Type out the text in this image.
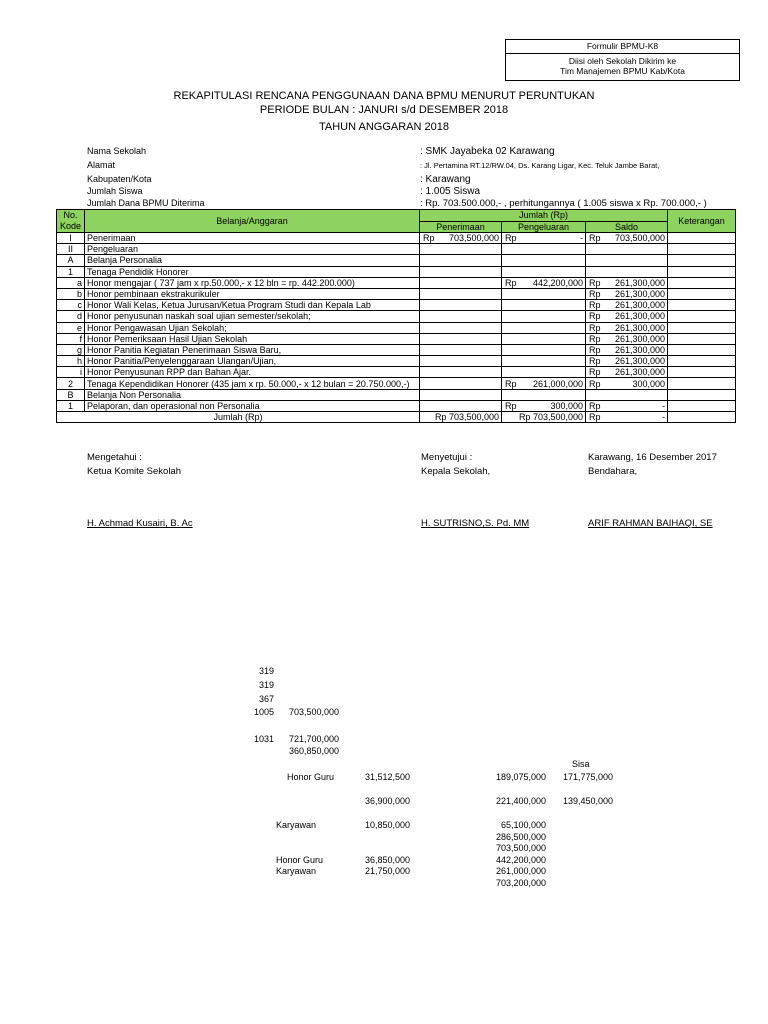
Formulir BPMU-K8
Diisi oleh Sekolah Dikirim ke
Tim Manajemen BPMU Kab/Kota
REKAPITULASI RENCANA PENGGUNAAN DANA BPMU MENURUT PERUNTUKAN
PERIODE BULAN : JANURI s/d DESEMBER 2018
TAHUN ANGGARAN 2018
Nama Sekolah	: SMK Jayabeka 02 Karawang
Alamat	: Jl. Pertamina RT.12/RW.04, Ds. Karang Ligar, Kec. Teluk Jambe Barat,
Kabupaten/Kota	: Karawang
Jumlah Siswa	: 1.005 Siswa
Jumlah Dana BPMU Diterima	: Rp. 703.500.000,- , perhitungannya ( 1.005 siswa x Rp. 700.000,- )
No.
Kode	Belanja/Anggaran	Jumlah (Rp)			Keterangan
		Penerimaan	Pengeluaran	Saldo	
I	Penerimaan	Rp 703,500,000	Rp -	Rp 703,500,000	

II	Pengeluaran	

A	Belanja Personalia	

1	Tenaga Pendidik Honorer	

a	Honor mengajar ( 737 jam x rp.50.000,- x 12 bln = rp. 442.200.000)		Rp 442,200,000	Rp 261,300,000	

b	Honor pembinaan ekstrakurikuler			Rp 261,300,000	

c	Honor Wali Kelas, Ketua Jurusan/Ketua Program Studi dan Kepala Lab			Rp 261,300,000	

d	Honor penyusunan naskah soal ujian semester/sekolah;			Rp 261,300,000	

e	Honor Pengawasan Ujian Sekolah;			Rp 261,300,000	

f	Honor Pemeriksaan Hasil Ujian Sekolah			Rp 261,300,000	

g	Honor Panitia Kegiatan Penerimaan Siswa Baru,			Rp 261,300,000	

h	Honor Panitia/Penyelenggaraan Ulangan/Ujian,			Rp 261,300,000	

i	Honor Penyusunan RPP dan Bahan Ajar.			Rp 261,300,000	

2	Tenaga Kependidikan Honorer (435 jam x rp. 50.000,- x 12 bulan = 20.750.000,-)		Rp 261,000,000	Rp 300,000	

B	Belanja Non Personalia	

1	Pelaporan, dan operasional non Personalia		Rp 300,000	Rp -	

Jumlah (Rp)		Rp 703,500,000	Rp 703,500,000	Rp -	

Mengetahui :
Ketua Komite Sekolah
H. Achmad Kusairi, B. Ac
Menyetujui :
Kepala Sekolah,
H. SUTRISNO,S. Pd. MM
Karawang, 16 Desember 2017
Bendahara,
ARIF RAHMAN BAIHAQI, SE
319
319
367
1005 703,500,000
1031 721,700,000
360,850,000
Sisa
Honor Guru	31,512,500	189,075,000	171,775,000
36,900,000	221,400,000	139,450,000
Karyawan	10,850,000	65,100,000
286,500,000
703,500,000
Honor Guru	36,850,000	442,200,000
Karyawan	21,750,000	261,000,000
703,200,000
